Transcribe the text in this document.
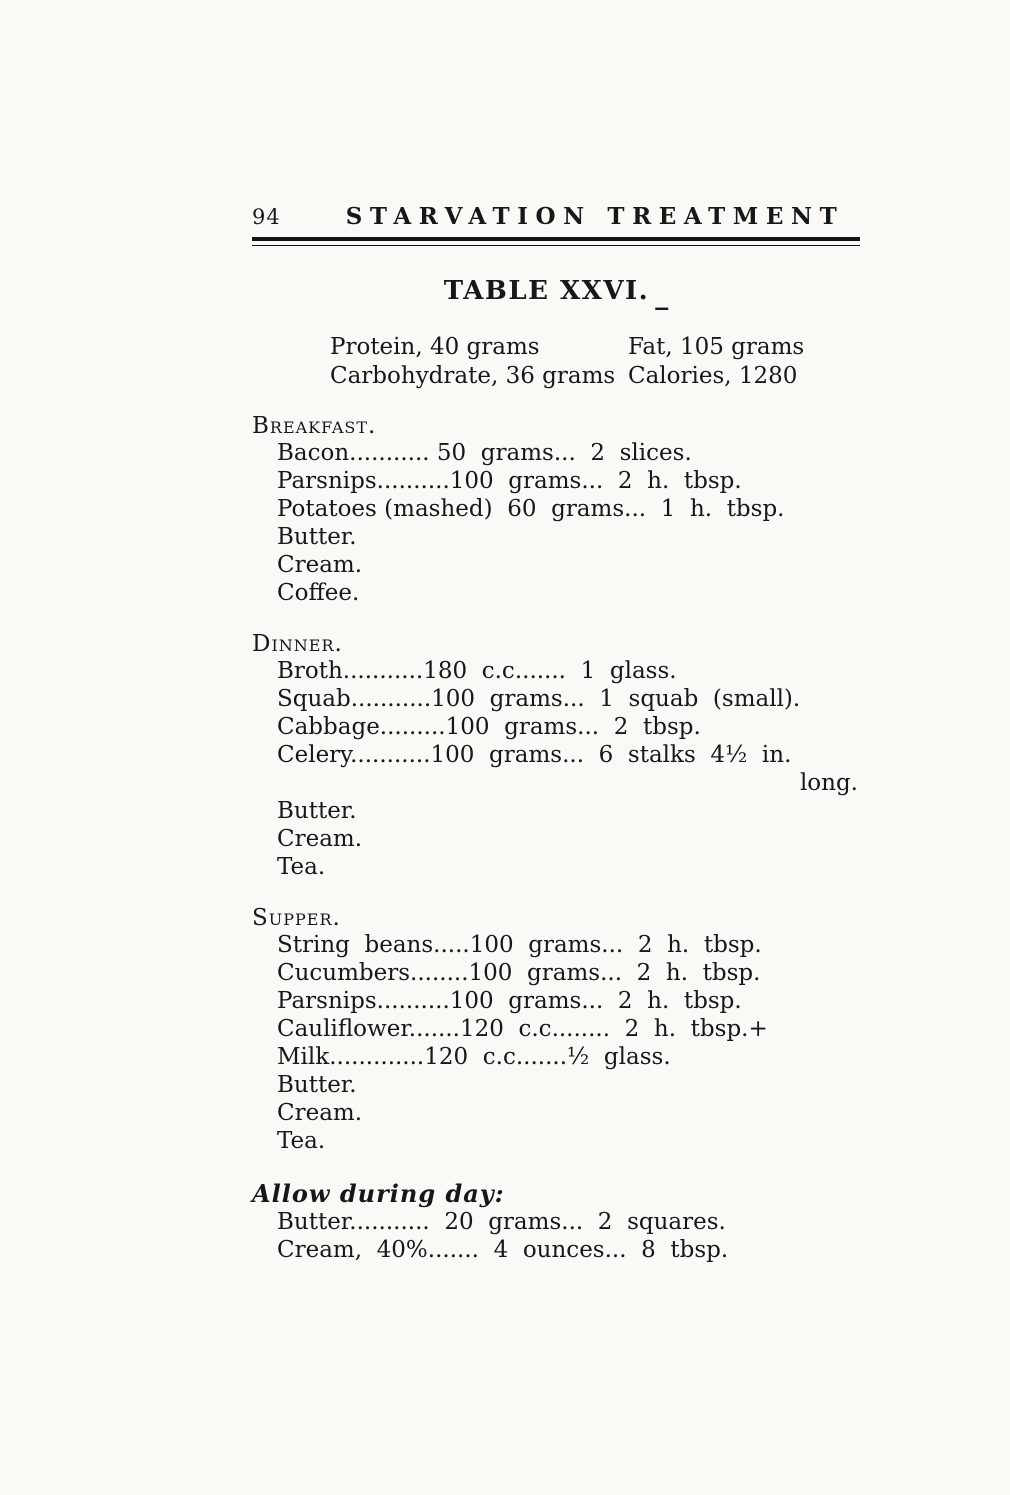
94	STARVATION TREATMENT
TABLE XXVI. _
Protein, 40 grams	Fat, 105 grams
Carbohydrate, 36 grams Calories, 1280
Breakfast.
Bacon........... 50  grams...  2  slices.
Parsnips..........100  grams...  2  h.  tbsp.
Potatoes (mashed)  60  grams...  1  h.  tbsp.
Butter.
Cream.
Coffee.
Dinner.
Broth...........180  c.c.......  1  glass.
Squab...........100  grams...  1  squab  (small).
Cabbage.........100  grams...  2  tbsp.
Celery...........100  grams...  6  stalks  4½  in.
long.
Butter.
Cream.
Tea.
Supper.
String  beans.....100  grams...  2  h.  tbsp.
Cucumbers........100  grams...  2  h.  tbsp.
Parsnips..........100  grams...  2  h.  tbsp.
Cauliflower.......120  c.c........  2  h.  tbsp.+
Milk.............120  c.c.......½  glass.
Butter.
Cream.
Tea.
Allow during day:
Butter...........  20  grams...  2  squares.
Cream,  40%.......  4  ounces...  8  tbsp.
